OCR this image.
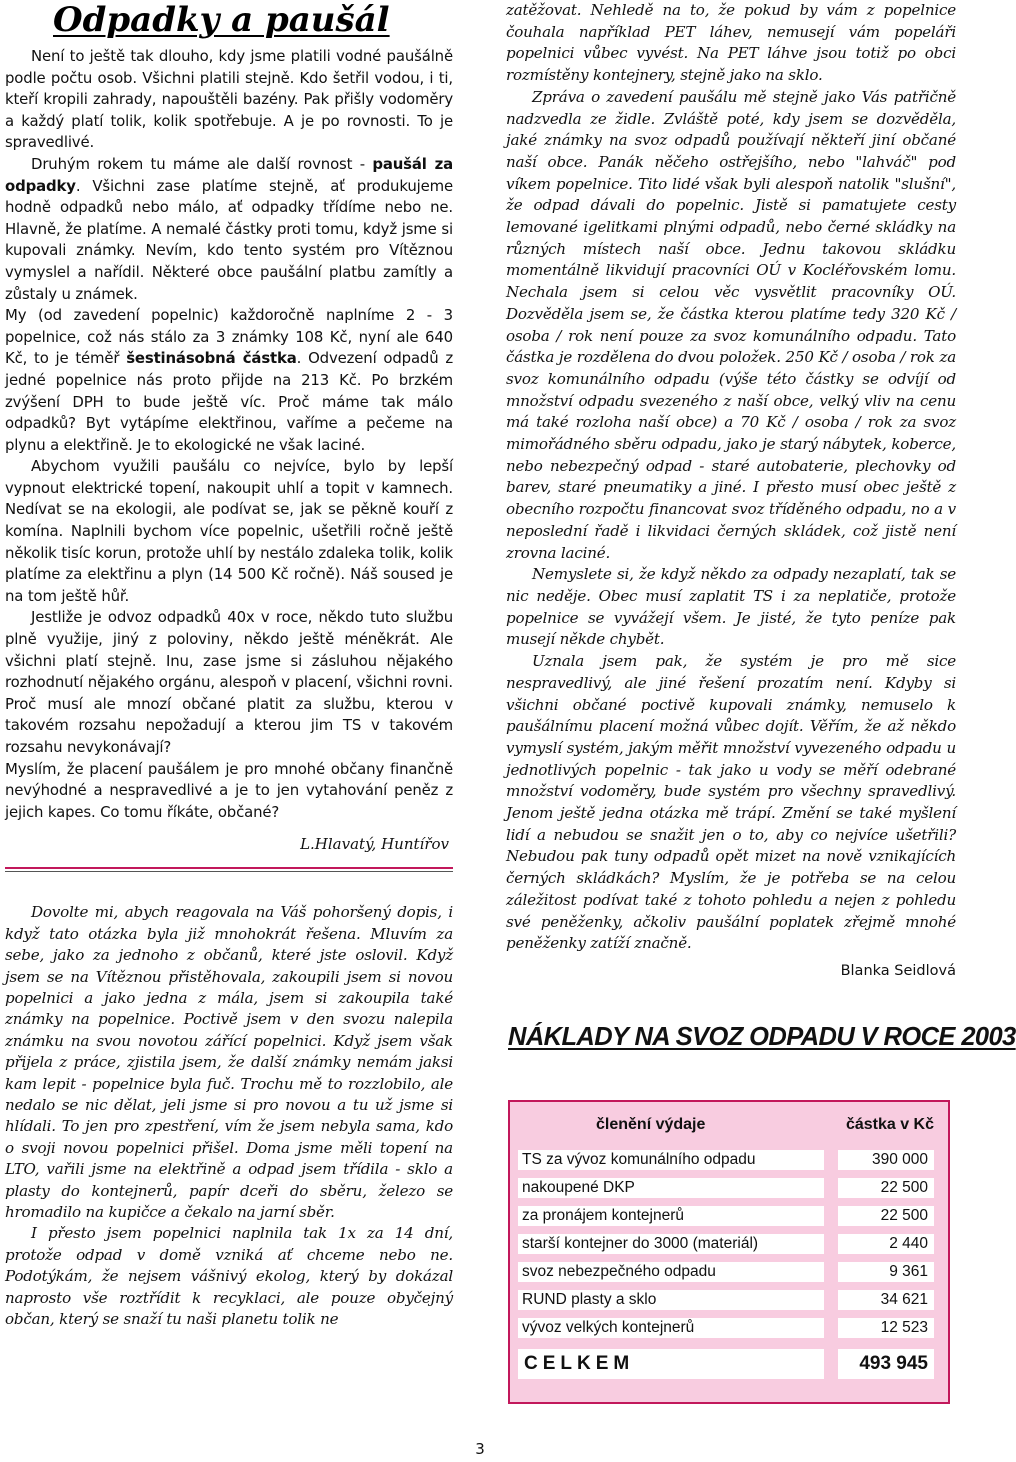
Odpadky a paušál

Není to ještě tak dlouho, kdy jsme platili vodné paušálně podle počtu osob. Všichni platili stejně. Kdo šetřil vodou, i ti, kteří kropili zahrady, napouštěli bazény. Pak přišly vodoměry a každý platí tolik, kolik spotřebuje. A je po rovnosti. To je spravedlivé.

Druhým rokem tu máme ale další rovnost - paušál za odpadky. Všichni zase platíme stejně, ať produkujeme hodně odpadků nebo málo, ať odpadky třídíme nebo ne. Hlavně, že platíme. A nemalé částky proti tomu, když jsme si kupovali známky. Nevím, kdo tento systém pro Vítěznou vymyslel a nařídil. Některé obce paušální platbu zamítly a zůstaly u známek.

My (od zavedení popelnic) každoročně naplníme 2 - 3 popelnice, což nás stálo za 3 známky 108 Kč, nyní ale 640 Kč, to je téměř šestinásobná částka. Odvezení odpadů z jedné popelnice nás proto přijde na 213 Kč. Po brzkém zvýšení DPH to bude ještě víc. Proč máme tak málo odpadků? Byt vytápíme elektřinou, vaříme a pečeme na plynu a elektřině. Je to ekologické ne však laciné.

Abychom využili paušálu co nejvíce, bylo by lepší vypnout elektrické topení, nakoupit uhlí a topit v kamnech. Nedívat se na ekologii, ale podívat se, jak se pěkně kouří z komína. Naplnili bychom více popelnic, ušetřili ročně ještě několik tisíc korun, protože uhlí by nestálo zdaleka tolik, kolik platíme za elektřinu a plyn (14 500 Kč ročně). Náš soused je na tom ještě hůř.

Jestliže je odvoz odpadků 40x v roce, někdo tuto službu plně využije, jiný z poloviny, někdo ještě méněkrát. Ale všichni platí stejně. Inu, zase jsme si zásluhou nějakého rozhodnutí nějakého orgánu, alespoň v placení, všichni rovni. Proč musí ale mnozí občané platit za službu, kterou v takovém rozsahu nepožadují a kterou jim TS v takovém rozsahu nevykonávají?

Myslím, že placení paušálem je pro mnohé občany finančně nevýhodné a nespravedlivé a je to jen vytahování peněz z jejich kapes. Co tomu říkáte, občané?

L.Hlavatý, Huntířov

Dovolte mi, abych reagovala na Váš pohoršený dopis, i když tato otázka byla již mnohokrát řešena. Mluvím za sebe, jako za jednoho z občanů, které jste oslovil. Když jsem se na Vítěznou přistěhovala, zakoupili jsem si novou popelnici a jako jedna z mála, jsem si zakoupila také známky na popelnice. Poctivě jsem v den svozu nalepila známku na svou novotou zářící popelnici. Když jsem však přijela z práce, zjistila jsem, že další známky nemám jaksi kam lepit - popelnice byla fuč. Trochu mě to rozzlobilo, ale nedalo se nic dělat, jeli jsme si pro novou a tu už jsme si hlídali. To jen pro zpestření, vím že jsem nebyla sama, kdo o svoji novou popelnici přišel. Doma jsme měli topení na LTO, vařili jsme na elektřině a odpad jsem třídila - sklo a plasty do kontejnerů, papír dceři do sběru, železo se hromadilo na kupičce a čekalo na jarní sběr.

I přesto jsem popelnici naplnila tak 1x za 14 dní, protože odpad v domě vzniká ať chceme nebo ne. Podotýkám, že nejsem vášnivý ekolog, který by dokázal naprosto vše roztřídit k recyklaci, ale pouze obyčejný občan, který se snaží tu naši planetu tolik ne

zatěžovat. Nehledě na to, že pokud by vám z popelnice čouhala například PET láhev, nemusejí vám popeláři popelnici vůbec vyvést. Na PET láhve jsou totiž po obci rozmístěny kontejnery, stejně jako na sklo.

Zpráva o zavedení paušálu mě stejně jako Vás patřičně nadzvedla ze židle. Zvláště poté, kdy jsem se dozvěděla, jaké známky na svoz odpadů používají někteří jiní občané naší obce. Panák něčeho ostřejšího, nebo "lahváč" pod víkem popelnice. Tito lidé však byli alespoň natolik "slušní", že odpad dávali do popelnic. Jistě si pamatujete cesty lemované igelitkami plnými odpadů, nebo černé skládky na různých místech naší obce. Jednu takovou skládku momentálně likvidují pracovníci OÚ v Kocléřovském lomu. Nechala jsem si celou věc vysvětlit pracovníky OÚ. Dozvěděla jsem se, že částka kterou platíme tedy 320 Kč / osoba / rok není pouze za svoz komunálního odpadu. Tato částka je rozdělena do dvou položek. 250 Kč / osoba / rok za svoz komunálního odpadu (výše této částky se odvíjí od množství odpadu svezeného z naší obce, velký vliv na cenu má také rozloha naší obce) a 70 Kč / osoba / rok za svoz mimořádného sběru odpadu, jako je starý nábytek, koberce, nebo nebezpečný odpad - staré autobaterie, plechovky od barev, staré pneumatiky a jiné. I přesto musí obec ještě z obecního rozpočtu financovat svoz tříděného odpadu, no a v neposlední řadě i likvidaci černých skládek, což jistě není zrovna laciné.

Nemyslete si, že když někdo za odpady nezaplatí, tak se nic neděje. Obec musí zaplatit TS i za neplatiče, protože popelnice se vyvážejí všem. Je jisté, že tyto peníze pak musejí někde chybět.

Uznala jsem pak, že systém je pro mě sice nespravedlivý, ale jiné řešení prozatím není. Kdyby si všichni občané poctivě kupovali známky, nemuselo k paušálnímu placení možná vůbec dojít. Věřím, že až někdo vymyslí systém, jakým měřit množství vyvezeného odpadu u jednotlivých popelnic - tak jako u vody se měří odebrané množství vodoměry, bude systém pro všechny spravedlivý. Jenom ještě jedna otázka mě trápí. Změní se také myšlení lidí a nebudou se snažit jen o to, aby co nejvíce ušetřili? Nebudou pak tuny odpadů opět mizet na nově vznikajících černých skládkách? Myslím, že je potřeba se na celou záležitost podívat také z tohoto pohledu a nejen z pohledu své peněženky, ačkoliv paušální poplatek zřejmě mnohé peněženky zatíží značně.

Blanka Seidlová
NÁKLADY NA SVOZ ODPADU V ROCE 2003
členění výdaje	částka v Kč
TS za vývoz komunálního odpadu	390 000
nakoupené DKP	22 500
za pronájem kontejnerů	22 500
starší kontejner do 3000 (materiál)	2 440
svoz nebezpečného odpadu	9 361
RUND plasty a sklo	34 621
vývoz velkých kontejnerů	12 523
CELKEM	493 945
3
